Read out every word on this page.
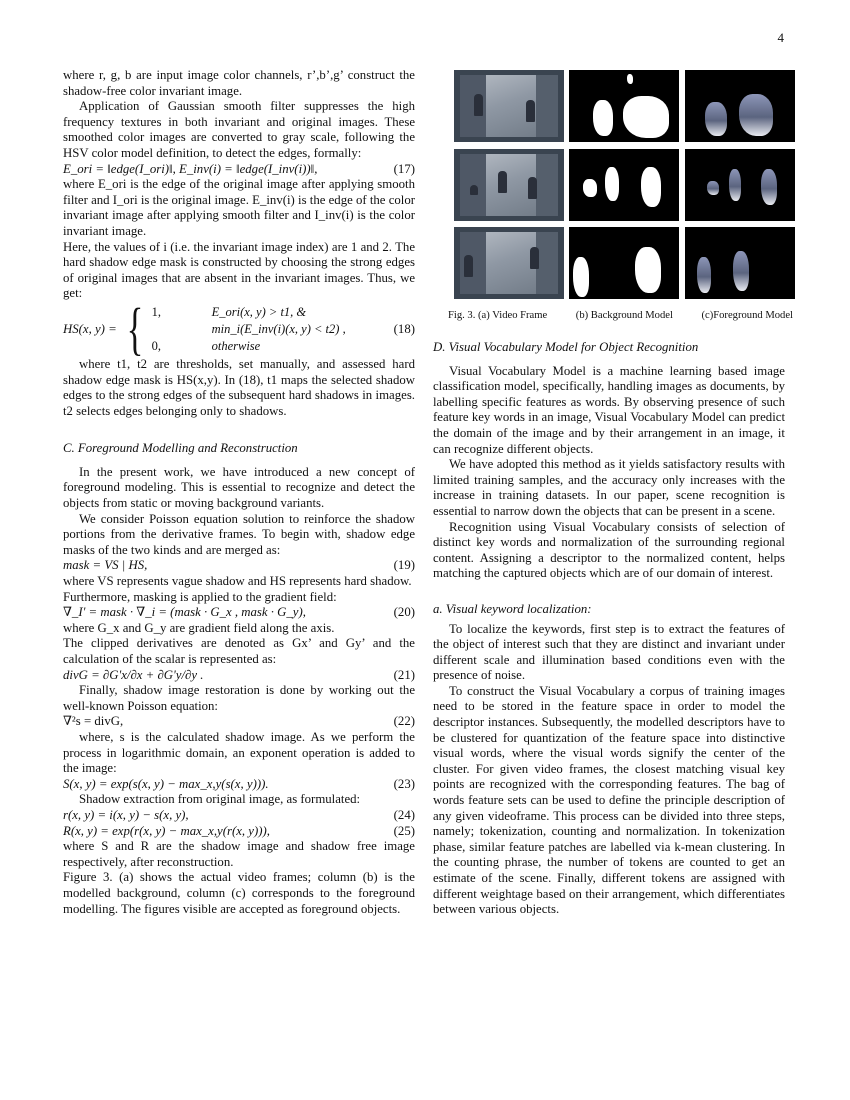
4

where r, g, b are input image color channels, r’,b’,g’ construct the shadow-free color invariant image.

Application of Gaussian smooth filter suppresses the high frequency textures in both invariant and original images. These smoothed color images are converted to gray scale, following the HSV color model definition, to detect the edges, formally:

E_ori = ‖edge(I_ori)‖, E_inv(i) = ‖edge(I_inv(i))‖,	(17)

where E_ori is the edge of the original image after applying smooth filter and I_ori is the original image. E_inv(i) is the edge of the color invariant image after applying smooth filter and I_inv(i) is the color invariant image.

Here, the values of i (i.e. the invariant image index) are 1 and 2. The hard shadow edge mask is constructed by choosing the strong edges of original images that are absent in the invariant images. Thus, we get:

HS(x, y) = { 1,	E_ori(x, y) > t1, &
min_i(E_inv(i)(x, y) < t2) ,
0,	otherwise
(18)

where t1, t2 are thresholds, set manually, and assessed hard shadow edge mask is HS(x,y). In (18), t1 maps the selected shadow edges to the strong edges of the subsequent hard shadows in images. t2 selects edges belonging only to shadows.

C. Foreground Modelling and Reconstruction

In the present work, we have introduced a new concept of foreground modeling. This is essential to recognize and detect the objects from static or moving background variants.

We consider Poisson equation solution to reinforce the shadow portions from the derivative frames. To begin with, shadow edge masks of the two kinds and are merged as:

mask = VS | HS,	(19)

where VS represents vague shadow and HS represents hard shadow.

Furthermore, masking is applied to the gradient field:

∇_I' = mask · ∇_i = (mask · G_x , mask · G_y),	(20)

where G_x and G_y are gradient field along the axis.

The clipped derivatives are denoted as Gx’ and Gy’ and the calculation of the scalar is represented as:

divG = ∂G'x/∂x + ∂G'y/∂y .	(21)

Finally, shadow image restoration is done by working out the well-known Poisson equation:

∇²s = divG,	(22)

where, s is the calculated shadow image. As we perform the process in logarithmic domain, an exponent operation is added to the image:

S(x, y) = exp(s(x, y) − max_x,y(s(x, y))).	(23)

Shadow extraction from original image, as formulated:

r(x, y) = i(x, y) − s(x, y),	(24)
R(x, y) = exp(r(x, y) − max_x,y(r(x, y))),	(25)

where S and R are the shadow image and shadow free image respectively, after reconstruction.

Figure 3. (a) shows the actual video frames; column (b) is the modelled background, column (c) corresponds to the foreground modelling. The figures visible are accepted as foreground objects.

Fig. 3. (a) Video Frame	(b) Background Model	(c)Foreground Model
D. Visual Vocabulary Model for Object Recognition

Visual Vocabulary Model is a machine learning based image classification model, specifically, handling images as documents, by labelling specific features as words. By observing presence of such feature key words in an image, Visual Vocabulary Model can predict the domain of the image and by their arrangement in an image, it can recognize different objects.

We have adopted this method as it yields satisfactory results with limited training samples, and the accuracy only increases with the increase in training datasets. In our paper, scene recognition is essential to narrow down the objects that can be present in a scene.

Recognition using Visual Vocabulary consists of selection of distinct key words and normalization of the surrounding regional content. Assigning a descriptor to the normalized content, helps matching the captured objects which are of our domain of interest.

a. Visual keyword localization:

To localize the keywords, first step is to extract the features of the object of interest such that they are distinct and invariant under different scale and illumination based conditions even with the presence of noise.

To construct the Visual Vocabulary a corpus of training images need to be stored in the feature space in order to model the descriptor instances. Subsequently, the modelled descriptors have to be clustered for quantization of the feature space into distinctive visual words, where the visual words signify the center of the cluster. For given video frames, the closest matching visual key points are recognized with the corresponding features. The bag of words feature sets can be used to define the principle description of any given videoframe. This process can be divided into three steps, namely; tokenization, counting and normalization. In tokenization phase, similar feature patches are labelled via k-mean clustering. In the counting phrase, the number of tokens are counted to get an estimate of the scene. Finally, different tokens are assigned with different weightage based on their arrangement, which differentiates between various objects.
